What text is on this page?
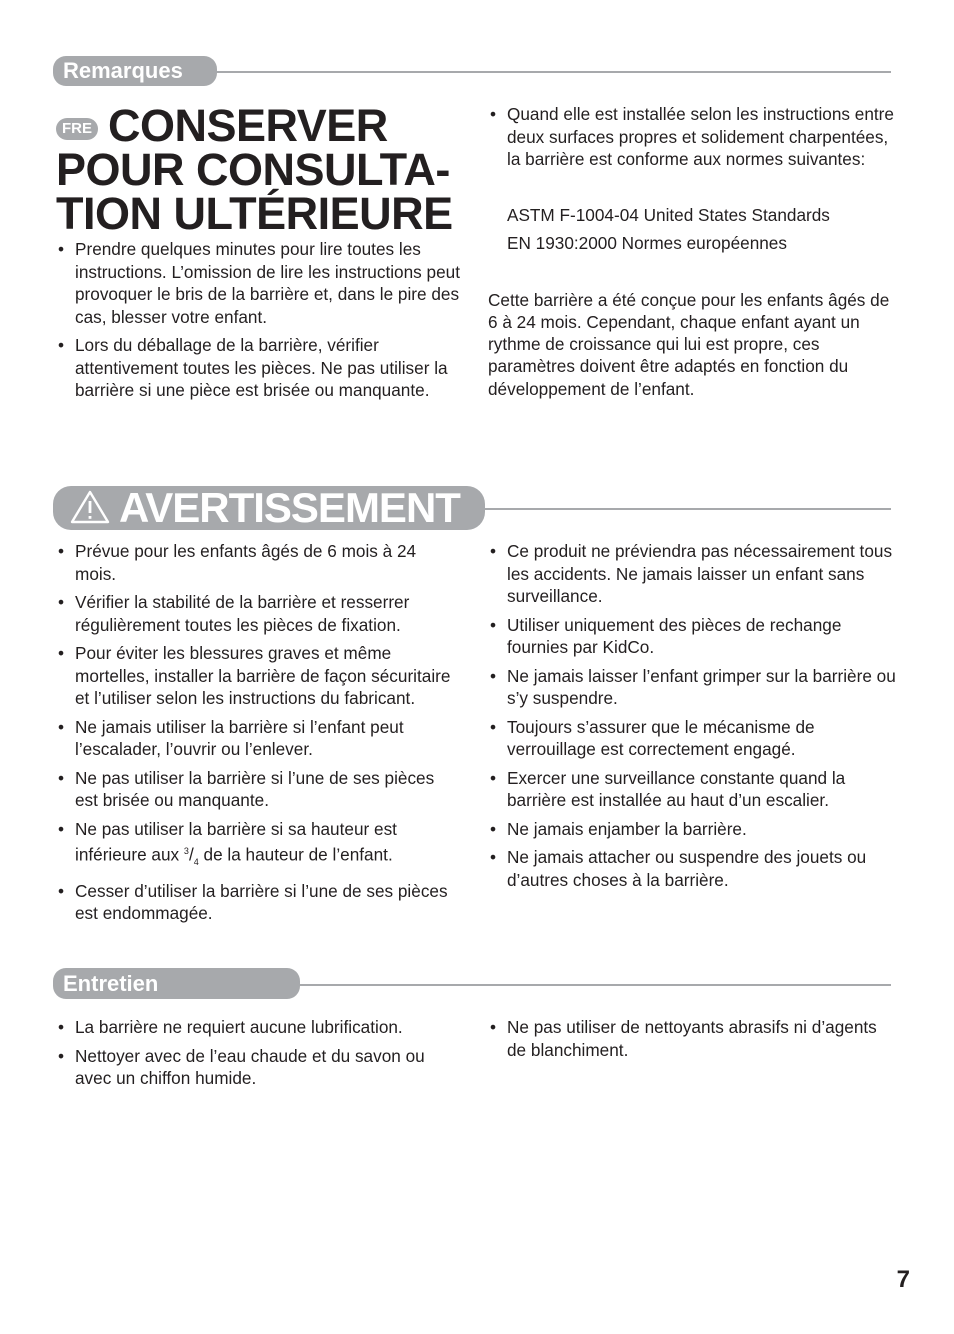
Remarques
FRE CONSERVER
POUR CONSULTA-
TION ULTÉRIEURE
• Prendre quelques minutes pour lire toutes les instructions. L’omission de lire les instructions peut provoquer le bris de la barrière et, dans le pire des cas, blesser votre enfant.
• Lors du déballage de la barrière, vérifier attentivement toutes les pièces. Ne pas utiliser la barrière si une pièce est brisée ou manquante.
• Quand elle est installée selon les instructions entre deux surfaces propres et solidement charpentées, la barrière est conforme aux normes suivantes:

ASTM F-1004-04 United States Standards

EN 1930:2000 Normes européennes

Cette barrière a été conçue pour les enfants âgés de 6 à 24 mois. Cependant, chaque enfant ayant un rythme de croissance qui lui est propre, ces paramètres doivent être adaptés en fonction du développement de l’enfant.

AVERTISSEMENT
• Prévue pour les enfants âgés de 6 mois à 24 mois.
• Vérifier la stabilité de la barrière et resserrer régulièrement toutes les pièces de fixation.
• Pour éviter les blessures graves et même mortelles, installer la barrière de façon sécuritaire et l’utiliser selon les instructions du fabricant.
• Ne jamais utiliser la barrière si l’enfant peut l’escalader, l’ouvrir ou l’enlever.
• Ne pas utiliser la barrière si l’une de ses pièces est brisée ou manquante.
• Ne pas utiliser la barrière si sa hauteur est inférieure aux $^3/_4$ de la hauteur de l’enfant.
• Cesser d’utiliser la barrière si l’une de ses pièces est endommagée.
• Ce produit ne préviendra pas nécessairement tous les accidents. Ne jamais laisser un enfant sans surveillance.
• Utiliser uniquement des pièces de rechange fournies par KidCo.
• Ne jamais laisser l’enfant grimper sur la barrière ou s’y suspendre.
• Toujours s’assurer que le mécanisme de verrouillage est correctement engagé.
• Exercer une surveillance constante quand la barrière est installée au haut d’un escalier.
• Ne jamais enjamber la barrière.
• Ne jamais attacher ou suspendre des jouets ou d’autres choses à la barrière.
Entretien
• La barrière ne requiert aucune lubrification.
• Nettoyer avec de l’eau chaude et du savon ou avec un chiffon humide.
• Ne pas utiliser de nettoyants abrasifs ni d’agents de blanchiment.
7
